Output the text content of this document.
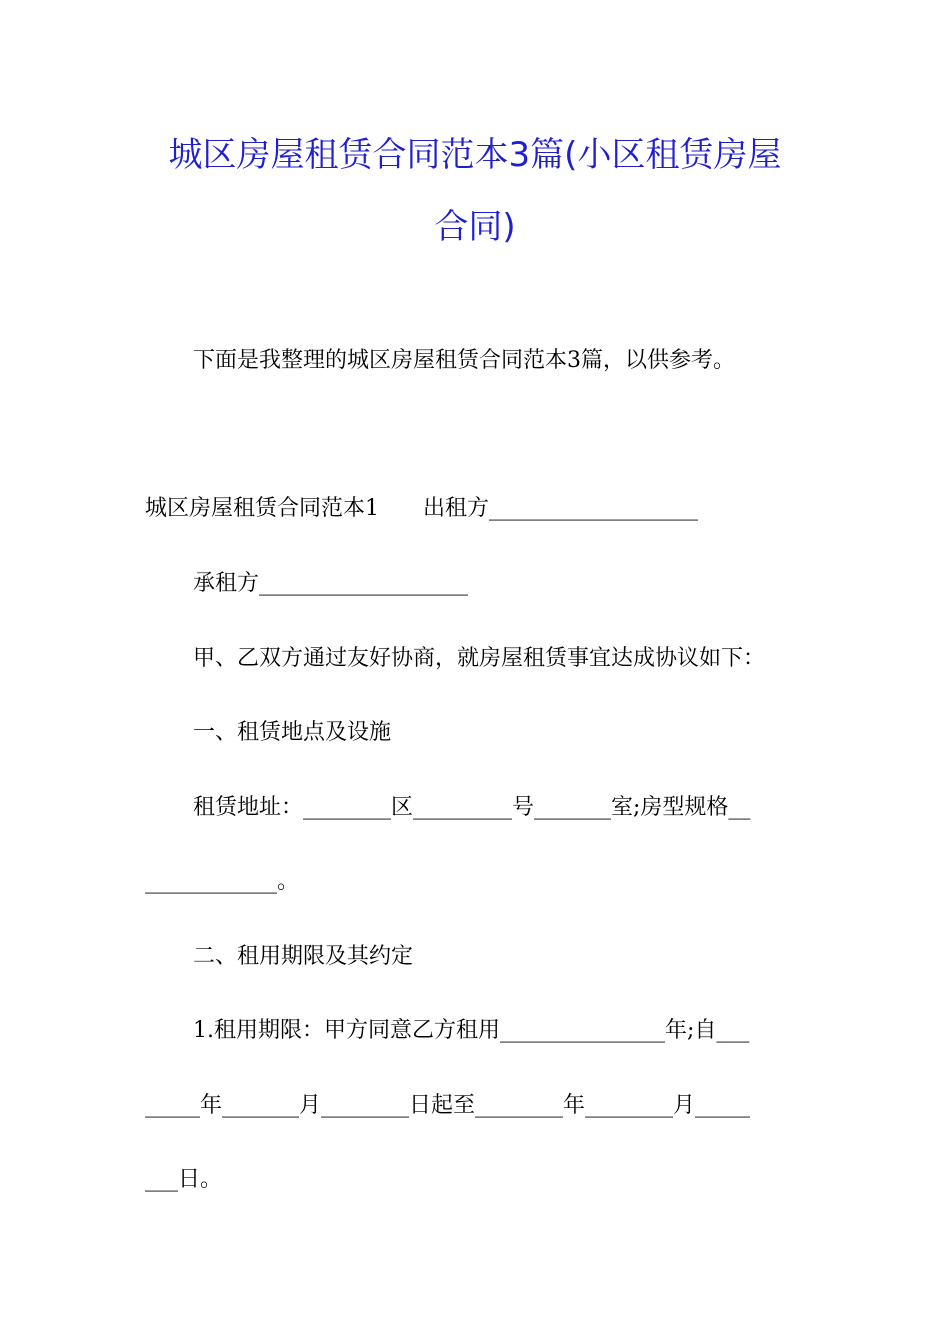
城区房屋租赁合同范本3篇(小区租赁房屋
合同)
下面是我整理的城区房屋租赁合同范本3篇，以供参考。
城区房屋租赁合同范本1　　出租方___________________
承租方___________________
甲、乙双方通过友好协商，就房屋租赁事宜达成协议如下：
一、租赁地点及设施
租赁地址：________区_________号_______室;房型规格__
____________。
二、租用期限及其约定
1.租用期限：甲方同意乙方租用_______________年;自___
_____年_______月________日起至________年________月_____
___日。
